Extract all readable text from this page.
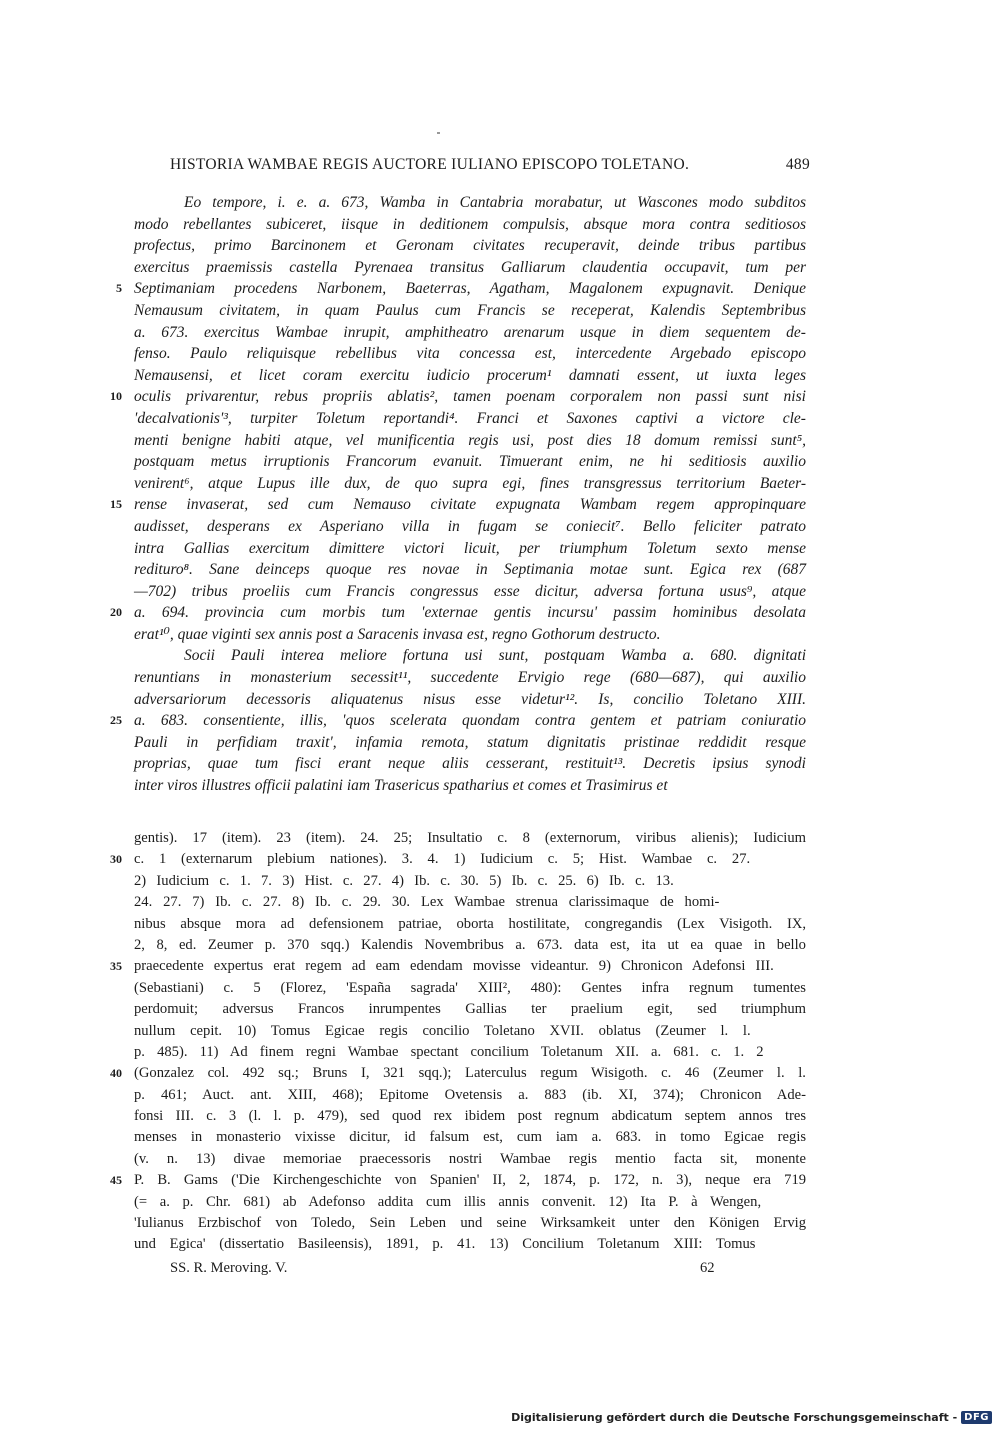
HISTORIA WAMBAE REGIS AUCTORE IULIANO EPISCOPO TOLETANO.	489
Eo tempore, i. e. a. 673, Wamba in Cantabria morabatur, ut Wascones modo subditos
modo rebellantes subiceret, iisque in deditionem compulsis, absque mora contra seditiosos
profectus, primo Barcinonem et Geronam civitates recuperavit, deinde tribus partibus
exercitus praemissis castella Pyrenaea transitus Galliarum claudentia occupavit, tum per
5 Septimaniam procedens Narbonem, Baeterras, Agatham, Magalonem expugnavit. Denique
Nemausum civitatem, in quam Paulus cum Francis se receperat, Kalendis Septembribus
a. 673. exercitus Wambae inrupit, amphitheatro arenarum usque in diem sequentem de-
fenso. Paulo reliquisque rebellibus vita concessa est, intercedente Argebado episcopo
Nemausensi, et licet coram exercitu iudicio procerum¹ damnati essent, ut iuxta leges
10 oculis privarentur, rebus propriis ablatis², tamen poenam corporalem non passi sunt nisi
'decalvationis'³, turpiter Toletum reportandi⁴. Franci et Saxones captivi a victore cle-
menti benigne habiti atque, vel munificentia regis usi, post dies 18 domum remissi sunt⁵,
postquam metus irruptionis Francorum evanuit. Timuerant enim, ne hi seditiosis auxilio
venirent⁶, atque Lupus ille dux, de quo supra egi, fines transgressus territorium Baeter-
15 rense invaserat, sed cum Nemauso civitate expugnata Wambam regem appropinquare
audisset, desperans ex Asperiano villa in fugam se coniecit⁷. Bello feliciter patrato
intra Gallias exercitum dimittere victori licuit, per triumphum Toletum sexto mense
redituro⁸. Sane deinceps quoque res novae in Septimania motae sunt. Egica rex (687
—702) tribus proeliis cum Francis congressus esse dicitur, adversa fortuna usus⁹, atque
20 a. 694. provincia cum morbis tum 'externae gentis incursu' passim hominibus desolata
erat¹⁰, quae viginti sex annis post a Saracenis invasa est, regno Gothorum destructo.
Socii Pauli interea meliore fortuna usi sunt, postquam Wamba a. 680. dignitati
renuntians in monasterium secessit¹¹, succedente Ervigio rege (680—687), qui auxilio
adversariorum decessoris aliquatenus nisus esse videtur¹². Is, concilio Toletano XIII.
25 a. 683. consentiente, illis, 'quos scelerata quondam contra gentem et patriam coniuratio
Pauli in perfidiam traxit', infamia remota, statum dignitatis pristinae reddidit resque
proprias, quae tum fisci erant neque aliis cesserant, restituit¹³. Decretis ipsius synodi
inter viros illustres officii palatini iam Trasericus spatharius et comes et Trasimirus et
gentis). 17 (item). 23 (item). 24. 25; Insultatio c. 8 (externorum, viribus alienis); Iudicium
30 c. 1 (externarum plebium nationes). 3. 4. 1) Iudicium c. 5; Hist. Wambae c. 27.
2) Iudicium c. 1. 7. 3) Hist. c. 27. 4) Ib. c. 30. 5) Ib. c. 25. 6) Ib. c. 13.
24. 27. 7) Ib. c. 27. 8) Ib. c. 29. 30. Lex Wambae strenua clarissimaque de homi-
nibus absque mora ad defensionem patriae, oborta hostilitate, congregandis (Lex Visigoth. IX,
2, 8, ed. Zeumer p. 370 sqq.) Kalendis Novembribus a. 673. data est, ita ut ea quae in bello
35 praecedente expertus erat regem ad eam edendam movisse videantur. 9) Chronicon Adefonsi III.
(Sebastiani) c. 5 (Florez, 'España sagrada' XIII², 480): Gentes infra regnum tumentes
perdomuit; adversus Francos inrumpentes Gallias ter praelium egit, sed triumphum
nullum cepit. 10) Tomus Egicae regis concilio Toletano XVII. oblatus (Zeumer l. l.
p. 485). 11) Ad finem regni Wambae spectant concilium Toletanum XII. a. 681. c. 1. 2
40 (Gonzalez col. 492 sq.; Bruns I, 321 sqq.); Laterculus regum Wisigoth. c. 46 (Zeumer l. l.
p. 461; Auct. ant. XIII, 468); Epitome Ovetensis a. 883 (ib. XI, 374); Chronicon Ade-
fonsi III. c. 3 (l. l. p. 479), sed quod rex ibidem post regnum abdicatum septem annos tres
menses in monasterio vixisse dicitur, id falsum est, cum iam a. 683. in tomo Egicae regis
(v. n. 13) divae memoriae praecessoris nostri Wambae regis mentio facta sit, monente
45 P. B. Gams ('Die Kirchengeschichte von Spanien' II, 2, 1874, p. 172, n. 3), neque era 719
(= a. p. Chr. 681) ab Adefonso addita cum illis annis convenit. 12) Ita P. à Wengen,
'Iulianus Erzbischof von Toledo, Sein Leben und seine Wirksamkeit unter den Königen Ervig
und Egica' (dissertatio Basileensis), 1891, p. 41. 13) Concilium Toletanum XIII: Tomus
SS. R. Meroving. V.	62
Digitalisierung gefördert durch die Deutsche Forschungsgemeinschaft - DFG
